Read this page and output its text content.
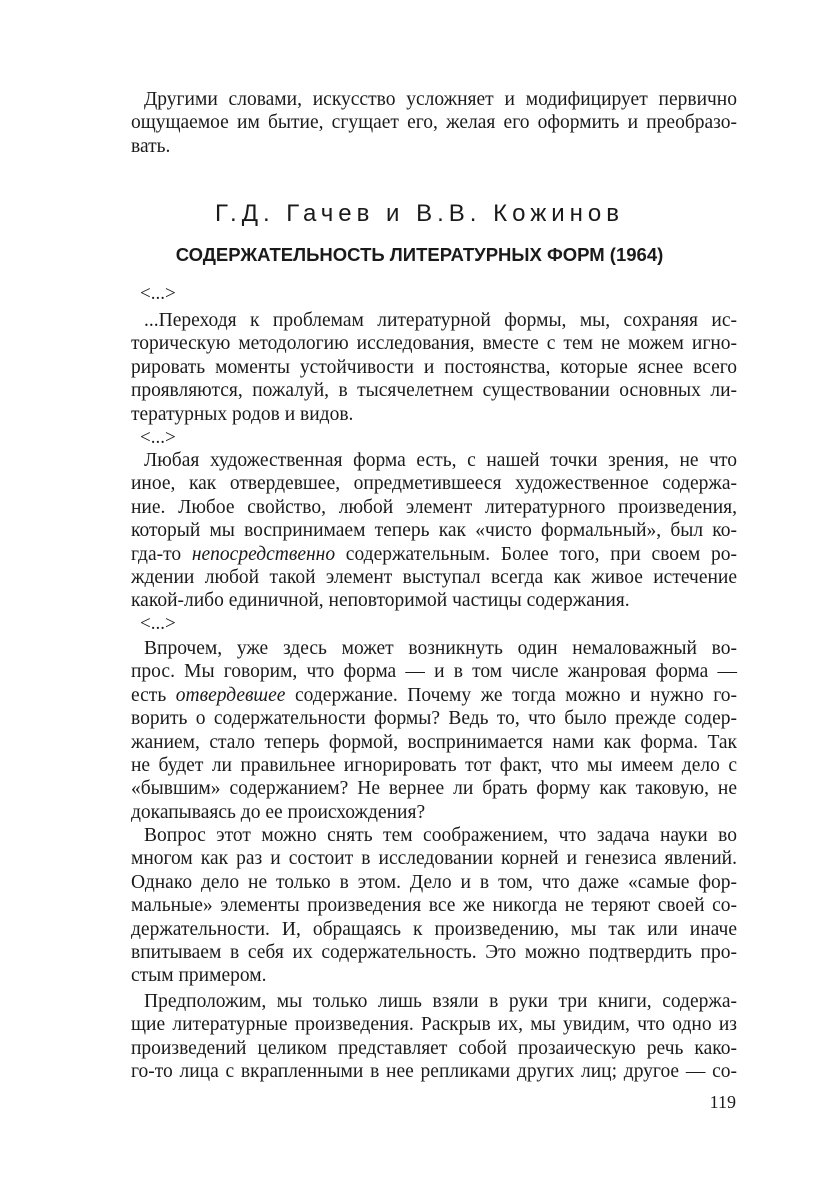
Другими словами, искусство усложняет и модифицирует первично
ощущаемое им бытие, сгущает его, желая его оформить и преобразо-
вать.
Г.Д. Гачев и В.В. Кожинов
СОДЕРЖАТЕЛЬНОСТЬ ЛИТЕРАТУРНЫХ ФОРМ (1964)
<...>
...Переходя к проблемам литературной формы, мы, сохраняя ис-
торическую методологию исследования, вместе с тем не можем игно-
рировать моменты устойчивости и постоянства, которые яснее всего
проявляются, пожалуй, в тысячелетнем существовании основных ли-
тературных родов и видов.
<...>
Любая художественная форма есть, с нашей точки зрения, не что
иное, как отвердевшее, опредметившееся художественное содержа-
ние. Любое свойство, любой элемент литературного произведения,
который мы воспринимаем теперь как «чисто формальный», был ко-
гда-то непосредственно содержательным. Более того, при своем ро-
ждении любой такой элемент выступал всегда как живое истечение
какой-либо единичной, неповторимой частицы содержания.
<...>
Впрочем, уже здесь может возникнуть один немаловажный во-
прос. Мы говорим, что форма — и в том числе жанровая форма —
есть отвердевшее содержание. Почему же тогда можно и нужно го-
ворить о содержательности формы? Ведь то, что было прежде содер-
жанием, стало теперь формой, воспринимается нами как форма. Так
не будет ли правильнее игнорировать тот факт, что мы имеем дело с
«бывшим» содержанием? Не вернее ли брать форму как таковую, не
докапываясь до ее происхождения?
Вопрос этот можно снять тем соображением, что задача науки во
многом как раз и состоит в исследовании корней и генезиса явлений.
Однако дело не только в этом. Дело и в том, что даже «самые фор-
мальные» элементы произведения все же никогда не теряют своей со-
держательности. И, обращаясь к произведению, мы так или иначе
впитываем в себя их содержательность. Это можно подтвердить про-
стым примером.
Предположим, мы только лишь взяли в руки три книги, содержа-
щие литературные произведения. Раскрыв их, мы увидим, что одно из
произведений целиком представляет собой прозаическую речь како-
го-то лица с вкрапленными в нее репликами других лиц; другое — со-
119
